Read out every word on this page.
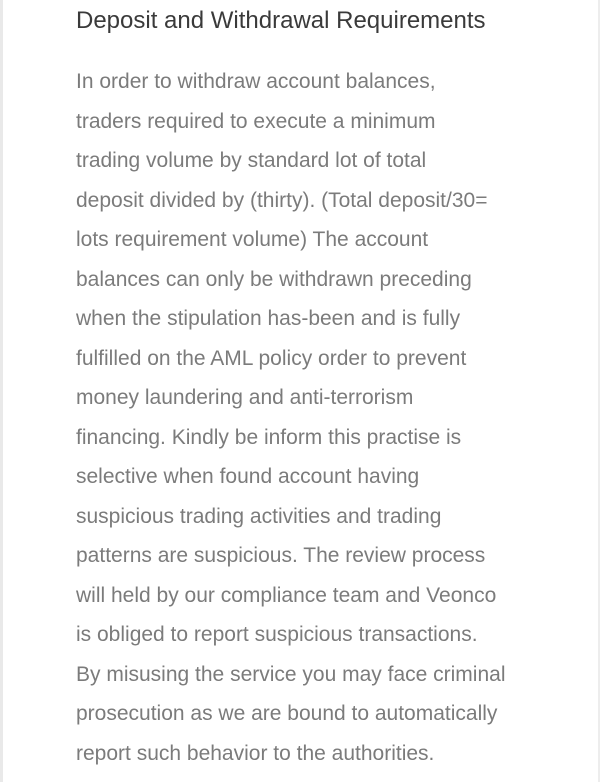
Deposit and Withdrawal Requirements
In order to withdraw account balances,
traders required to execute a minimum
trading volume by standard lot of total
deposit divided by (thirty). (Total deposit/30=
lots requirement volume) The account
balances can only be withdrawn preceding
when the stipulation has-been and is fully
fulfilled on the AML policy order to prevent
money laundering and anti-terrorism
financing. Kindly be inform this practise is
selective when found account having
suspicious trading activities and trading
patterns are suspicious. The review process
will held by our compliance team and Veonco
is obliged to report suspicious transactions.
By misusing the service you may face criminal
prosecution as we are bound to automatically
report such behavior to the authorities.
